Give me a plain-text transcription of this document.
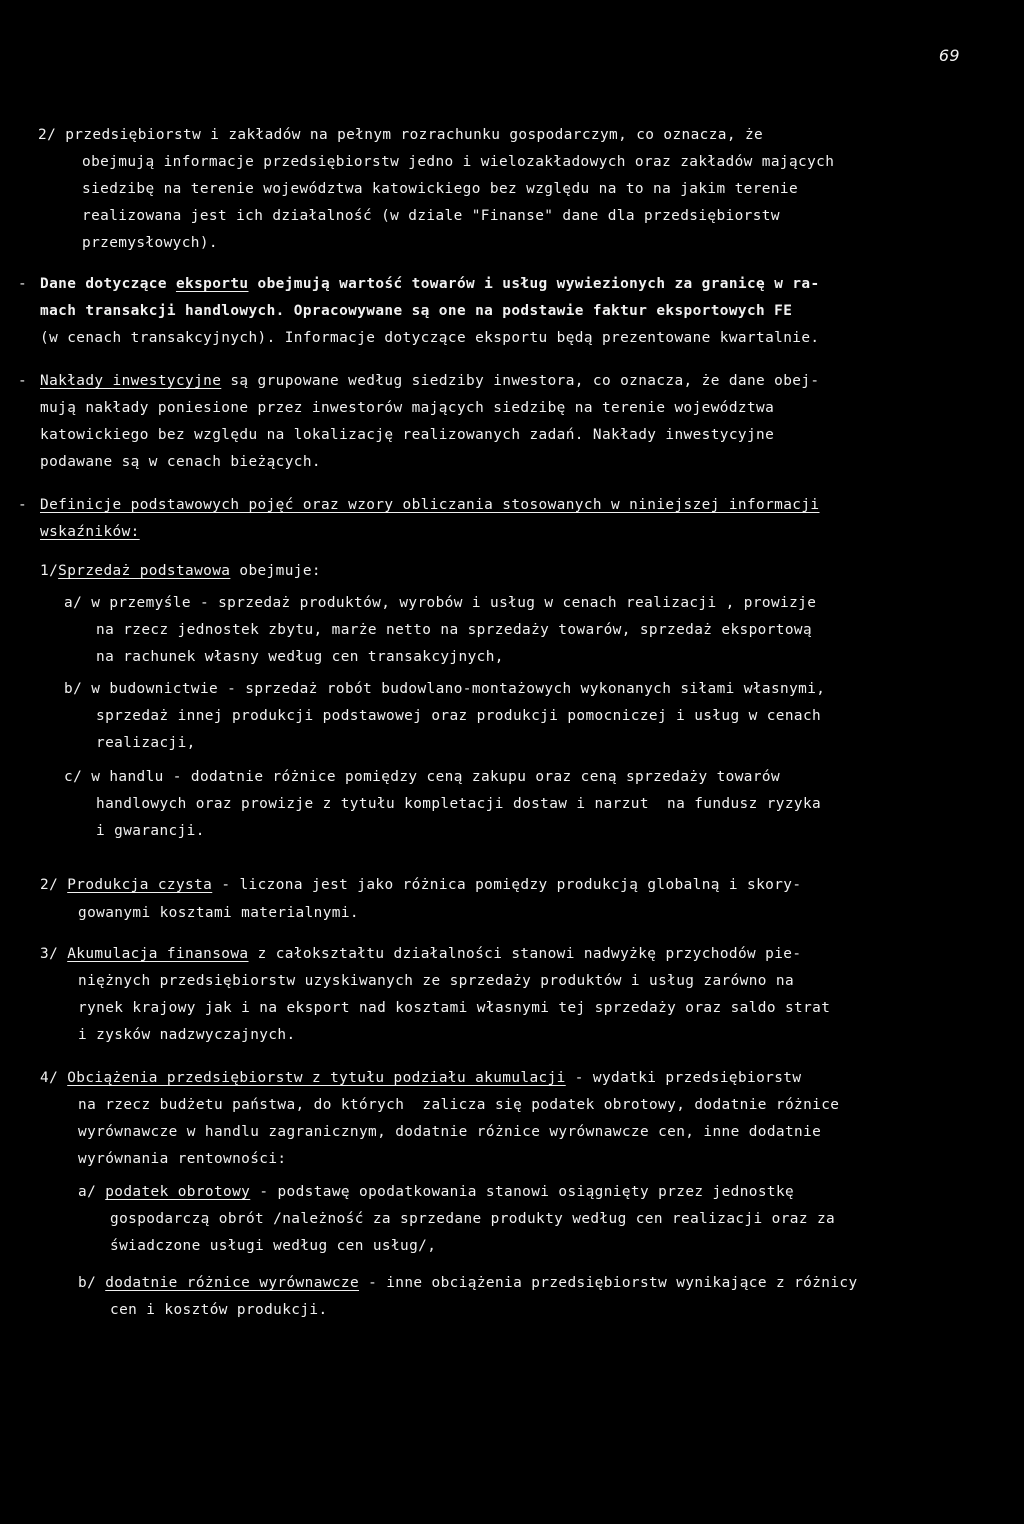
69
2/ przedsiębiorstw i zakładów na pełnym rozrachunku gospodarczym, co oznacza, że
obejmują informacje przedsiębiorstw jedno i wielozakładowych oraz zakładów mających
siedzibę na terenie województwa katowickiego bez względu na to na jakim terenie
realizowana jest ich działalność (w dziale "Finanse" dane dla przedsiębiorstw
przemysłowych).
- Dane dotyczące eksportu obejmują wartość towarów i usług wywiezionych za granicę w ra-
mach transakcji handlowych. Opracowywane są one na podstawie faktur eksportowych FE
(w cenach transakcyjnych). Informacje dotyczące eksportu będą prezentowane kwartalnie.
- Nakłady inwestycyjne są grupowane według siedziby inwestora, co oznacza, że dane obej-
mują nakłady poniesione przez inwestorów mających siedzibę na terenie województwa
katowickiego bez względu na lokalizację realizowanych zadań. Nakłady inwestycyjne
podawane są w cenach bieżących.
- Definicje podstawowych pojęć oraz wzory obliczania stosowanych w niniejszej informacji
wskaźników:
1/Sprzedaż podstawowa obejmuje:
a/ w przemyśle - sprzedaż produktów, wyrobów i usług w cenach realizacji , prowizje
na rzecz jednostek zbytu, marże netto na sprzedaży towarów, sprzedaż eksportową
na rachunek własny według cen transakcyjnych,
b/ w budownictwie - sprzedaż robót budowlano-montażowych wykonanych siłami własnymi,
sprzedaż innej produkcji podstawowej oraz produkcji pomocniczej i usług w cenach
realizacji,
c/ w handlu - dodatnie różnice pomiędzy ceną zakupu oraz ceną sprzedaży towarów
handlowych oraz prowizje z tytułu kompletacji dostaw i narzut  na fundusz ryzyka
i gwarancji.
2/ Produkcja czysta - liczona jest jako różnica pomiędzy produkcją globalną i skory-
gowanymi kosztami materialnymi.
3/ Akumulacja finansowa z całokształtu działalności stanowi nadwyżkę przychodów pie-
niężnych przedsiębiorstw uzyskiwanych ze sprzedaży produktów i usług zarówno na
rynek krajowy jak i na eksport nad kosztami własnymi tej sprzedaży oraz saldo strat
i zysków nadzwyczajnych.
4/ Obciążenia przedsiębiorstw z tytułu podziału akumulacji - wydatki przedsiębiorstw
na rzecz budżetu państwa, do których  zalicza się podatek obrotowy, dodatnie różnice
wyrównawcze w handlu zagranicznym, dodatnie różnice wyrównawcze cen, inne dodatnie
wyrównania rentowności:
a/ podatek obrotowy - podstawę opodatkowania stanowi osiągnięty przez jednostkę
gospodarczą obrót /należność za sprzedane produkty według cen realizacji oraz za
świadczone usługi według cen usług/,
b/ dodatnie różnice wyrównawcze - inne obciążenia przedsiębiorstw wynikające z różnicy
cen i kosztów produkcji.
